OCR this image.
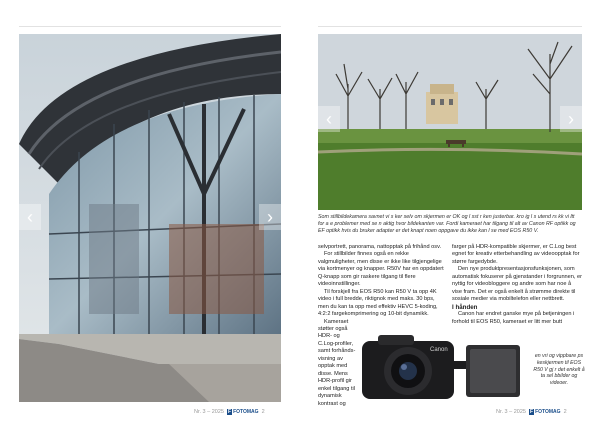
‹	›
Nr. 3 – 2025 F FOTOMAG 2
‹	›
Som stillbildekamera savnet vi s ker selv om skjermen er OK og l sst r ken justerbar. kro ig l s utend rs kk vi ltt for a e problemer med se n aktig hvor bildekanten var. Fordi kameraet har tilgang til alt av Canon RF optikk og EF optikk hvis du bruker adapter er det knapt noen oppgave du ikke kan l se med EOS R50 V.

selvportrett, panorama, nattopptak på frihånd osv.

For stillbilder finnes også en rekke valgmuligheter, men disse er ikke like tilgjengelige via kortmenyer og knapper. R50V har en oppdatert Q-knapp som gir raskere tilgang til flere videoinnstillinger.

Til forskjell fra EOS R50 kan R50 V ta opp 4K video i full bredde, riktignok med maks. 30 bps, men du kan ta opp med effektiv HEVC 5-koding, 4:2:2 fargekomprimering og 10-bit dynamikk.

Kameraet støtter også HDR- og C.Log-profiler, samt forhånds-visning av opptak med disse. Mens HDR-profil gir enkel tilgang til dynamisk kontrast og

farger på HDR-kompatible skjermer, er C.Log best egnet for kreativ etterbehandling av videoopptak for større fargedybde.

Den nye produktpresentasjonsfunksjonen, som automatisk fokuserer på gjenstander i forgrunnen, er nyttig for videobloggere og andre som har noe å vise fram. Det er også enkelt å strømme direkte til sosiale medier via mobiltelefon eller nettbrett.

I hånden

Canon har endret ganske mye på betjeningen i forhold til EOS R50, kameraet er litt mer butt

Canon
en vri og vippbare ps keskjermen til EOS R50 V gj r det enkelt å ta sel bbilder og videoer.
Nr. 3 – 2025 F FOTOMAG 2
